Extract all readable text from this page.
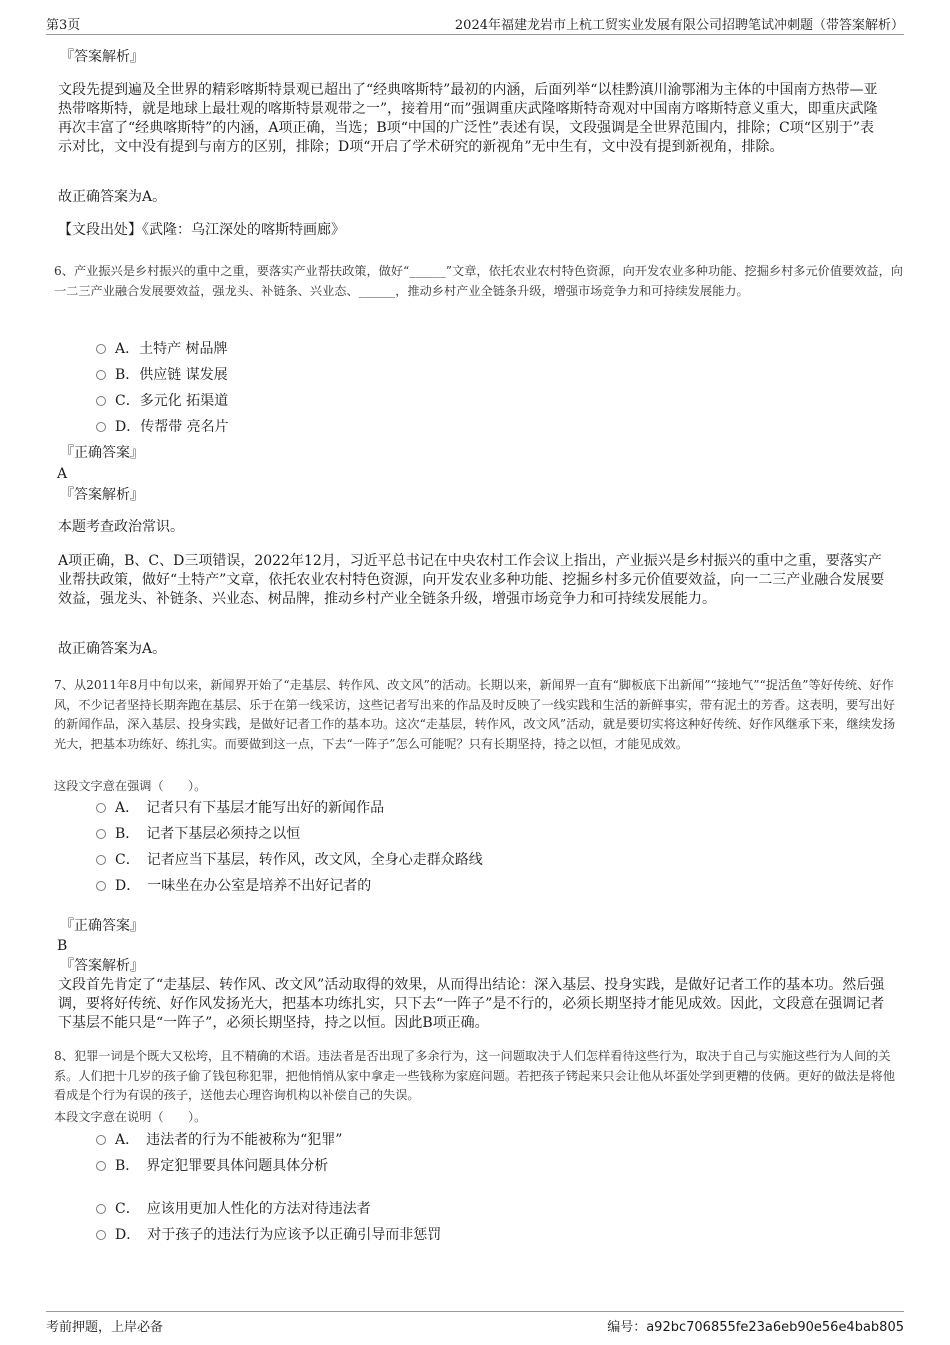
第3页	2024年福建龙岩市上杭工贸实业发展有限公司招聘笔试冲刺题（带答案解析）
『答案解析』
文段先提到遍及全世界的精彩喀斯特景观已超出了“经典喀斯特”最初的内涵，后面列举“以桂黔滇川渝鄂湘为主体的中国南方热带—亚热带喀斯特，就是地球上最壮观的喀斯特景观带之一”，接着用“而”强调重庆武隆喀斯特奇观对中国南方喀斯特意义重大，即重庆武隆再次丰富了“经典喀斯特”的内涵，A项正确，当选；B项“中国的广泛性”表述有误，文段强调是全世界范围内，排除；C项“区别于”表示对比，文中没有提到与南方的区别，排除；D项“开启了学术研究的新视角”无中生有，文中没有提到新视角，排除。
故正确答案为A。
【文段出处】《武隆：乌江深处的喀斯特画廊》
6、产业振兴是乡村振兴的重中之重，要落实产业帮扶政策，做好“______”文章，依托农业农村特色资源，向开发农业多种功能、挖掘乡村多元价值要效益，向一二三产业融合发展要效益，强龙头、补链条、兴业态、______，推动乡村产业全链条升级，增强市场竞争力和可持续发展能力。
A．土特产 树品牌
B．供应链 谋发展
C．多元化 拓渠道
D．传帮带 亮名片
『正确答案』
A
『答案解析』
本题考查政治常识。
A项正确，B、C、D三项错误，2022年12月，习近平总书记在中央农村工作会议上指出，产业振兴是乡村振兴的重中之重，要落实产业帮扶政策，做好“土特产”文章，依托农业农村特色资源，向开发农业多种功能、挖掘乡村多元价值要效益，向一二三产业融合发展要效益，强龙头、补链条、兴业态、树品牌，推动乡村产业全链条升级，增强市场竞争力和可持续发展能力。
故正确答案为A。
7、从2011年8月中旬以来，新闻界开始了“走基层、转作风、改文风”的活动。长期以来，新闻界一直有“脚板底下出新闻”“接地气”“捉活鱼”等好传统、好作风，不少记者坚持长期奔跑在基层、乐于在第一线采访，这些记者写出来的作品及时反映了一线实践和生活的新鲜事实，带有泥土的芳香。这表明，要写出好的新闻作品，深入基层、投身实践，是做好记者工作的基本功。这次“走基层，转作风，改文风”活动，就是要切实将这种好传统、好作风继承下来，继续发扬光大，把基本功练好、练扎实。而要做到这一点，下去“一阵子”怎么可能呢？只有长期坚持，持之以恒，才能见成效。
这段文字意在强调（　　）。
A．　记者只有下基层才能写出好的新闻作品
B．　记者下基层必须持之以恒
C．　记者应当下基层，转作风，改文风，全身心走群众路线
D．　一味坐在办公室是培养不出好记者的
『正确答案』
B
『答案解析』
文段首先肯定了“走基层、转作风、改文风”活动取得的效果，从而得出结论：深入基层、投身实践，是做好记者工作的基本功。然后强调，要将好传统、好作风发扬光大，把基本功练扎实，只下去“一阵子”是不行的，必须长期坚持才能见成效。因此，文段意在强调记者下基层不能只是“一阵子”，必须长期坚持，持之以恒。因此B项正确。
8、犯罪一词是个既大又松垮，且不精确的术语。违法者是否出现了多余行为，这一问题取决于人们怎样看待这些行为，取决于自己与实施这些行为人间的关系。人们把十几岁的孩子偷了钱包称犯罪，把他悄悄从家中拿走一些钱称为家庭问题。若把孩子铐起来只会让他从坏蛋处学到更糟的伎俩。更好的做法是将他看成是个行为有误的孩子，送他去心理咨询机构以补偿自己的失误。
本段文字意在说明（　　）。
A．　违法者的行为不能被称为“犯罪”
B．　界定犯罪要具体问题具体分析
C．　应该用更加人性化的方法对待违法者
D．　对于孩子的违法行为应该予以正确引导而非惩罚
考前押题，上岸必备	编号：a92bc706855fe23a6eb90e56e4bab805
